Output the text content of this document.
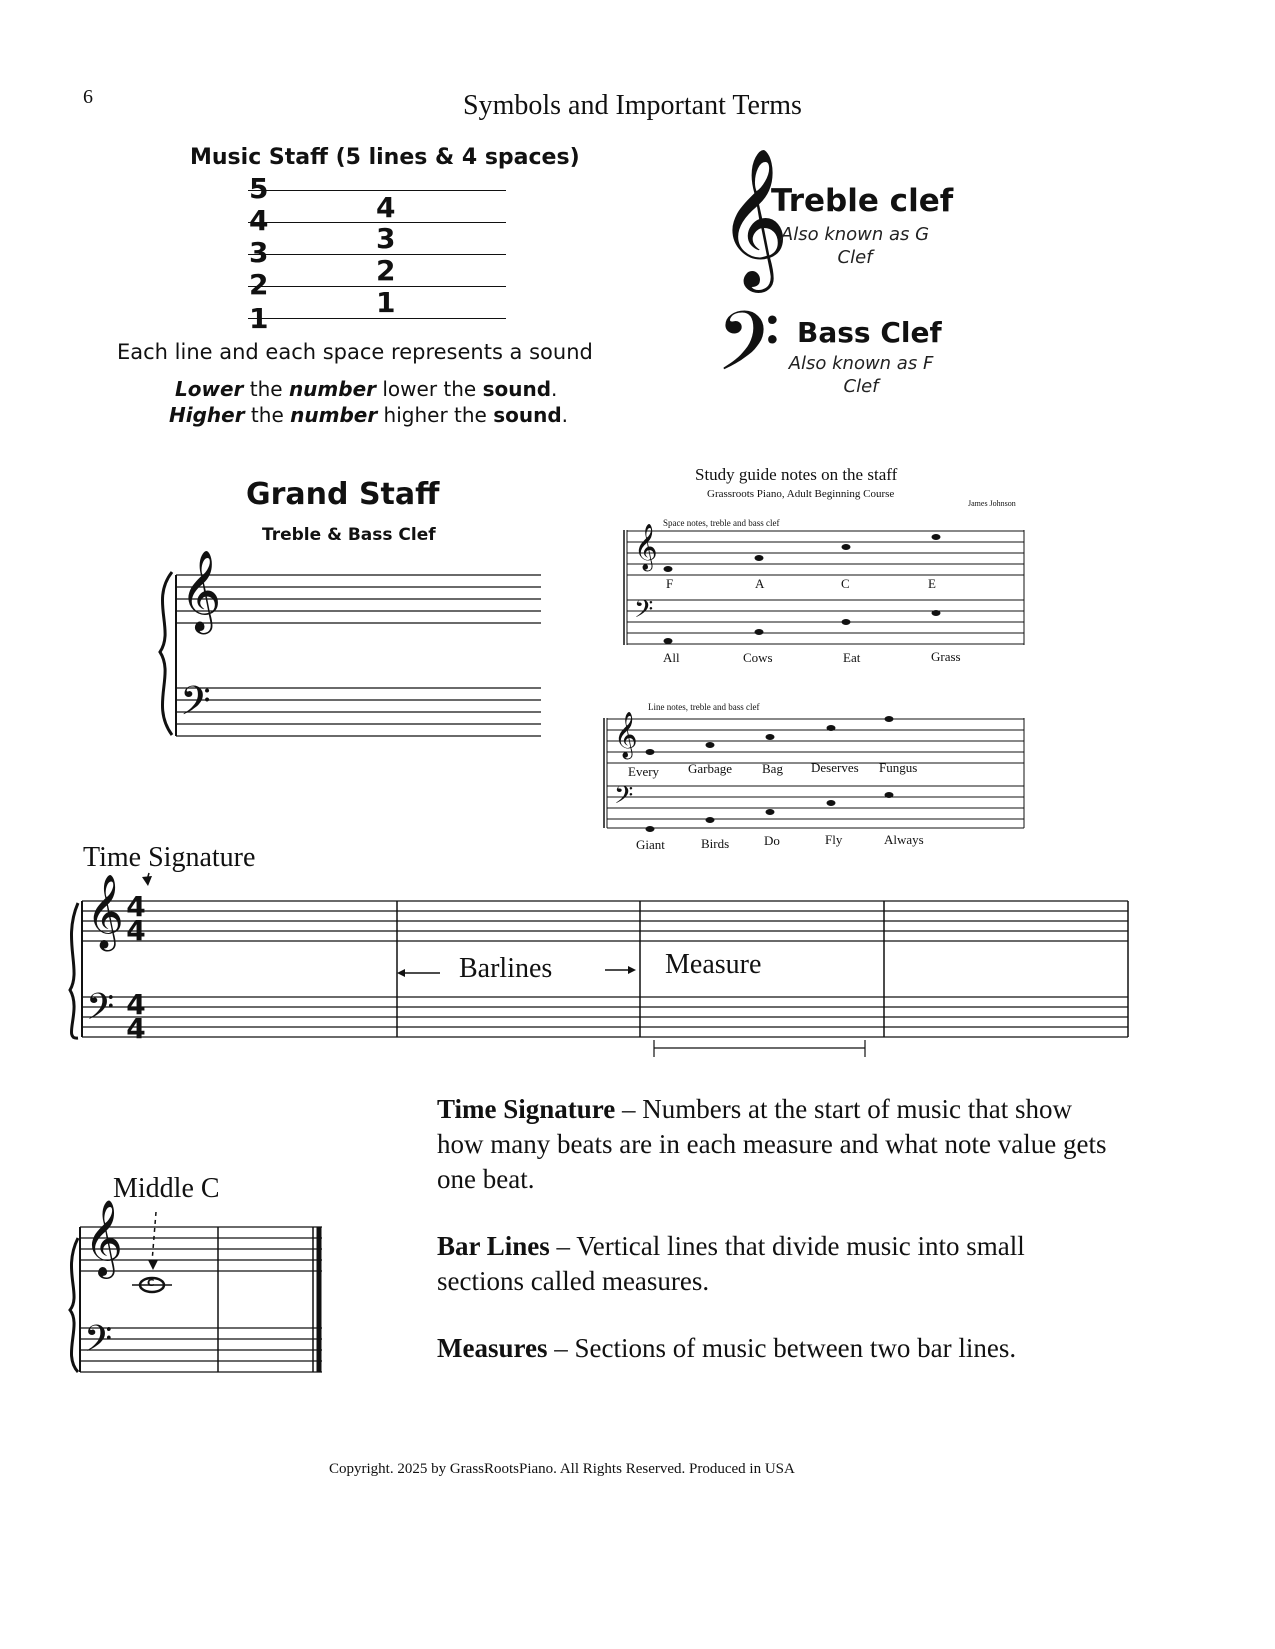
6	Symbols and Important Terms
Music Staff (5 lines & 4 spaces)
5
4
3
2
1
4
3
2
1
Each line and each space represents a sound
Lower the number lower the sound.
Higher the number higher the sound.
𝄞
Treble clef
Also known as G
Clef
𝄢 Bass Clef
Also known as F
Clef
Grand Staff
Treble & Bass Clef
𝄞
𝄢
Study guide notes on the staff
Grassroots Piano, Adult Beginning Course
James Johnson
Space notes, treble and bass clef
𝄞
𝄢
𝄞
𝄢
F	A	C	E
All	Cows	Eat	Grass
Line notes, treble and bass clef
Every Garbage Bag Deserves Fungus
Giant	Birds	Do	Fly	Always
Time Signature
𝄞
𝄢
4
4
4
4
Barlines	Measure
Middle C
𝄞
𝄢
C

Time Signature – Numbers at the start of music that show how many beats are in each measure and what note value gets one beat.

Bar Lines – Vertical lines that divide music into small sections called measures.

Measures – Sections of music between two bar lines.

Copyright. 2025 by GrassRootsPiano. All Rights Reserved. Produced in USA
